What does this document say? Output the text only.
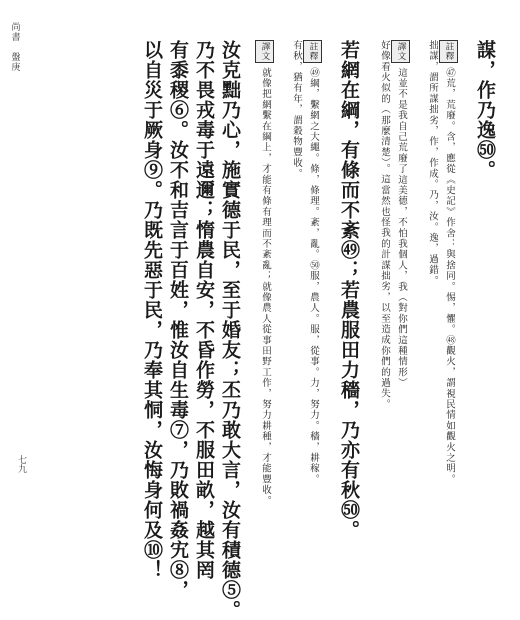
尚書
盤庚
七九
謀，作乃逸㊿。
註釋㊼荒，荒廢。含，應從《史記》作舍：與捨同。惕，懼。㊽觀火，謂視民情如觀火之明。
拙謀，謂所謀拙劣，作，作成。乃，汝。逸，過錯。
譯文這並不是我自己荒廢了這美德，不怕我個人，我（對你們這種情形）
好像看火似的（那麼清楚）。這當然也怪我的計謀拙劣，以至造成你們的過失。
若網在綱，有條而不紊㊾；若農服田力穡，乃亦有秋㊿。
註釋㊾綱，繫網之大繩。條，條理。紊，亂。㊿服，農人。服，從事。力，努力。穡，耕稼。
有秋，猶有年，謂穀物豐收。
譯文就像把網繫在綱上，才能有條有理而不紊亂；就像農人從事田野工作，努力耕種，才能豐收。
汝克黜乃心，施實德于民，至于婚友；丕乃敢大言，汝有積德⑤。
乃不畏戎毒于遠邇；惰農自安，不昏作勞，不服田畝，越其罔
有黍稷⑥。汝不和吉言于百姓，惟汝自生毒⑦，乃敗禍姦宄⑧，
以自災于厥身⑨。乃既先惡于民，乃奉其恫，汝悔身何及⑩！
